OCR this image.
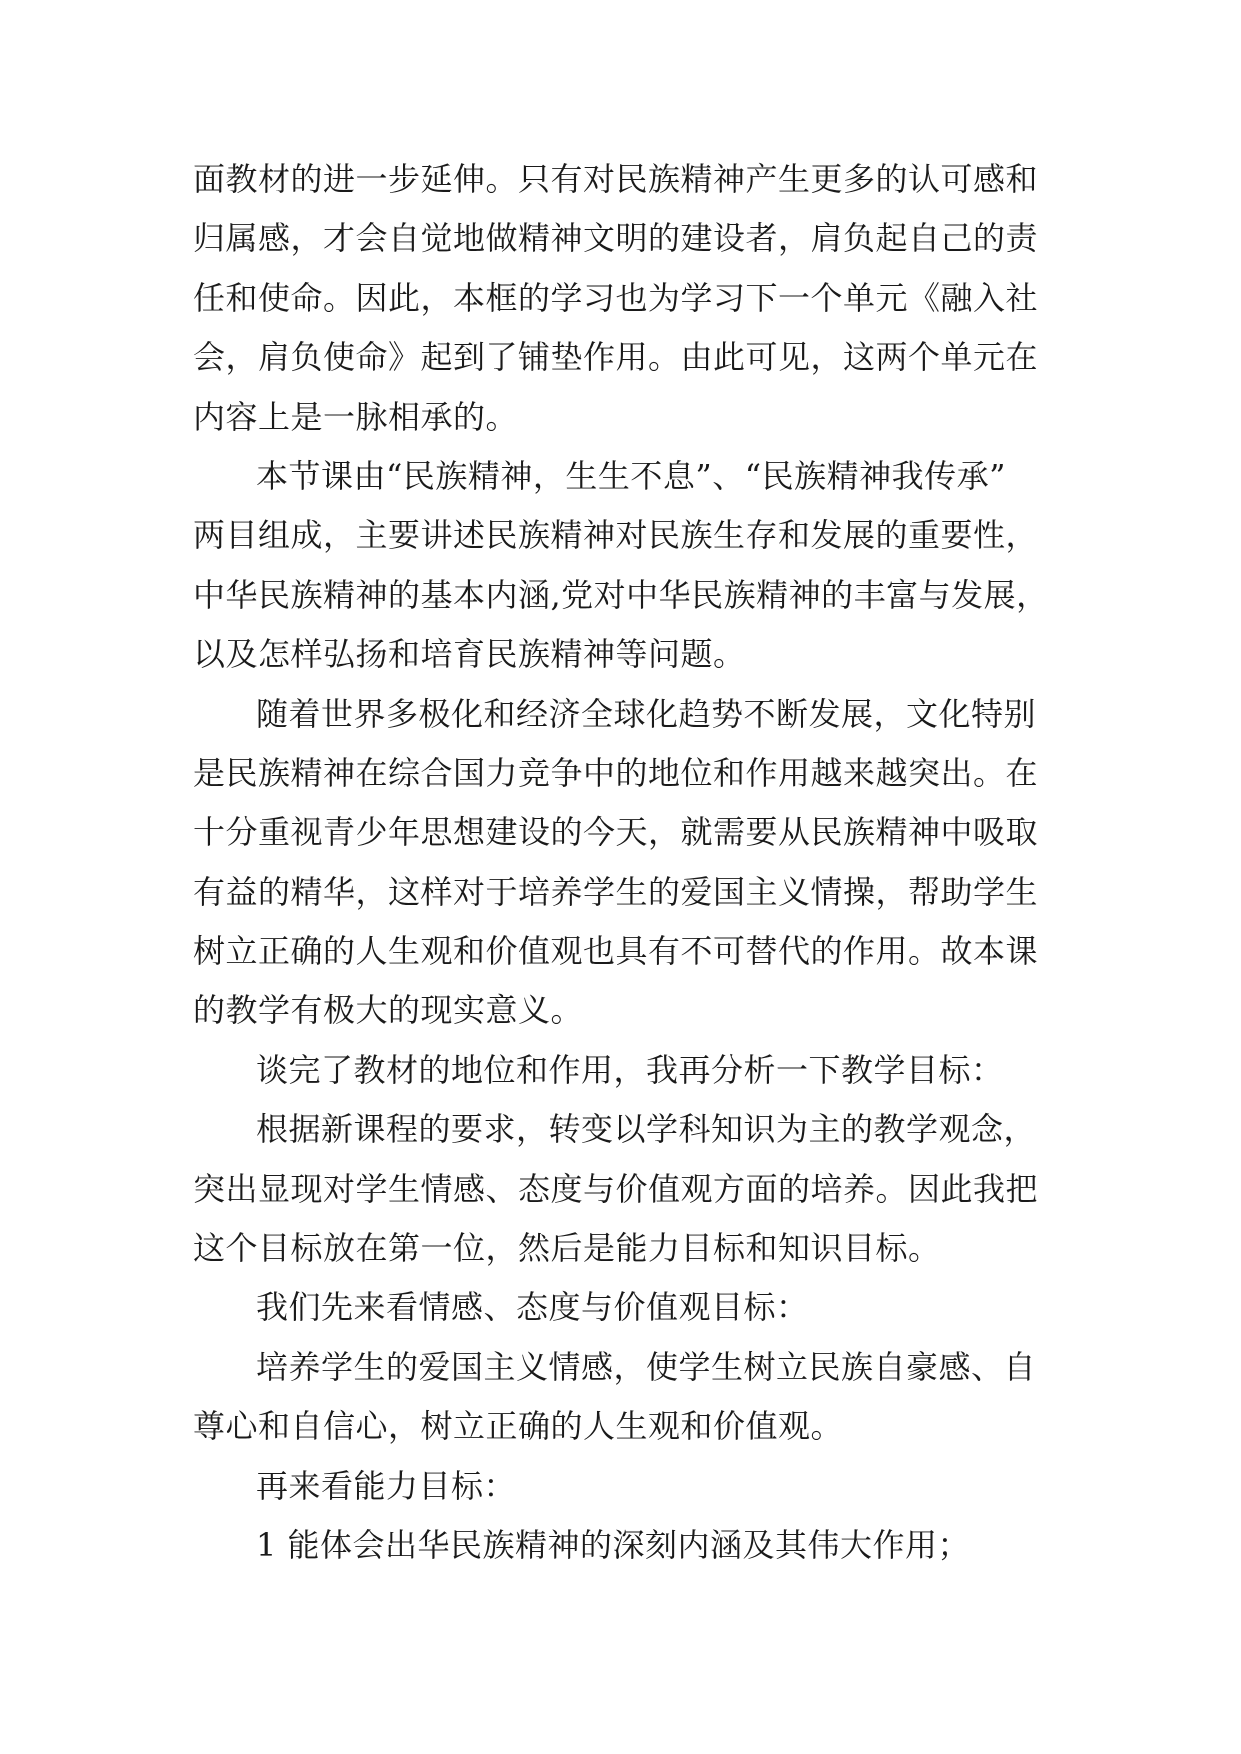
面教材的进一步延伸。只有对民族精神产生更多的认可感和
归属感，才会自觉地做精神文明的建设者，肩负起自己的责
任和使命。因此，本框的学习也为学习下一个单元《融入社
会，肩负使命》起到了铺垫作用。由此可见，这两个单元在
内容上是一脉相承的。
本节课由“民族精神，生生不息”、“民族精神我传承”
两目组成，主要讲述民族精神对民族生存和发展的重要性，
中华民族精神的基本内涵,党对中华民族精神的丰富与发展，
以及怎样弘扬和培育民族精神等问题。
随着世界多极化和经济全球化趋势不断发展，文化特别
是民族精神在综合国力竞争中的地位和作用越来越突出。在
十分重视青少年思想建设的今天，就需要从民族精神中吸取
有益的精华，这样对于培养学生的爱国主义情操，帮助学生
树立正确的人生观和价值观也具有不可替代的作用。故本课
的教学有极大的现实意义。
谈完了教材的地位和作用，我再分析一下教学目标：
根据新课程的要求，转变以学科知识为主的教学观念，
突出显现对学生情感、态度与价值观方面的培养。因此我把
这个目标放在第一位，然后是能力目标和知识目标。
我们先来看情感、态度与价值观目标：
培养学生的爱国主义情感，使学生树立民族自豪感、自
尊心和自信心，树立正确的人生观和价值观。
再来看能力目标：
1 能体会出华民族精神的深刻内涵及其伟大作用；
